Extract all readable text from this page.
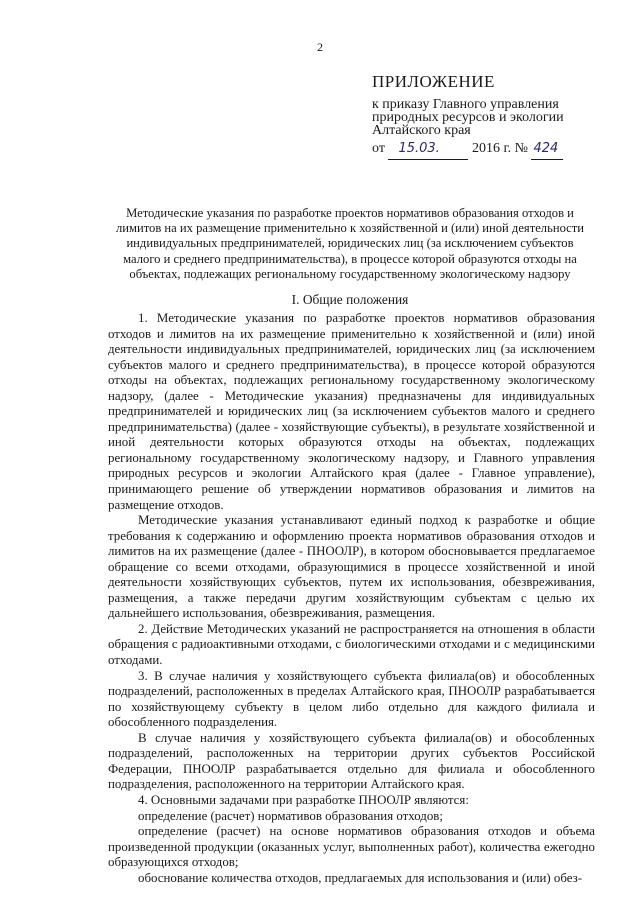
2
ПРИЛОЖЕНИЕ

к приказу Главного управления

природных ресурсов и экологии

Алтайского края

от 15.03. 2016 г. № 424
Методические указания по разработке проектов нормативов образования отходов и лимитов на их размещение применительно к хозяйственной и (или) иной деятельности индивидуальных предпринимателей, юридических лиц (за исключением субъектов малого и среднего предпринимательства), в процессе которой образуются отходы на объектах, подлежащих региональному государственному экологическому надзору
I. Общие положения

1. Методические указания по разработке проектов нормативов образования отходов и лимитов на их размещение применительно к хозяйственной и (или) иной деятельности индивидуальных предпринимателей, юридических лиц (за исключением субъектов малого и среднего предпринимательства), в процессе которой образуются отходы на объектах, подлежащих региональному государственному экологическому надзору, (далее - Методические указания) предназначены для индивидуальных предпринимателей и юридических лиц (за исключением субъектов малого и среднего предпринимательства) (далее - хозяйствующие субъекты), в результате хозяйственной и иной деятельности которых образуются отходы на объектах, подлежащих региональному государственному экологическому надзору, и Главного управления природных ресурсов и экологии Алтайского края (далее - Главное управление), принимающего решение об утверждении нормативов образования и лимитов на размещение отходов.

Методические указания устанавливают единый подход к разработке и общие требования к содержанию и оформлению проекта нормативов образования отходов и лимитов на их размещение (далее - ПНООЛР), в котором обосновывается предлагаемое обращение со всеми отходами, образующимися в процессе хозяйственной и иной деятельности хозяйствующих субъектов, путем их использования, обезвреживания, размещения, а также передачи другим хозяйствующим субъектам с целью их дальнейшего использования, обезвреживания, размещения.

2. Действие Методических указаний не распространяется на отношения в области обращения с радиоактивными отходами, с биологическими отходами и с медицинскими отходами.

3. В случае наличия у хозяйствующего субъекта филиала(ов) и обособленных подразделений, расположенных в пределах Алтайского края, ПНООЛР разрабатывается по хозяйствующему субъекту в целом либо отдельно для каждого филиала и обособленного подразделения.

В случае наличия у хозяйствующего субъекта филиала(ов) и обособленных подразделений, расположенных на территории других субъектов Российской Федерации, ПНООЛР разрабатывается отдельно для филиала и обособленного подразделения, расположенного на территории Алтайского края.

4. Основными задачами при разработке ПНООЛР являются:

определение (расчет) нормативов образования отходов;

определение (расчет) на основе нормативов образования отходов и объема произведенной продукции (оказанных услуг, выполненных работ), количества ежегодно образующихся отходов;

обоснование количества отходов, предлагаемых для использования и (или) обез-
